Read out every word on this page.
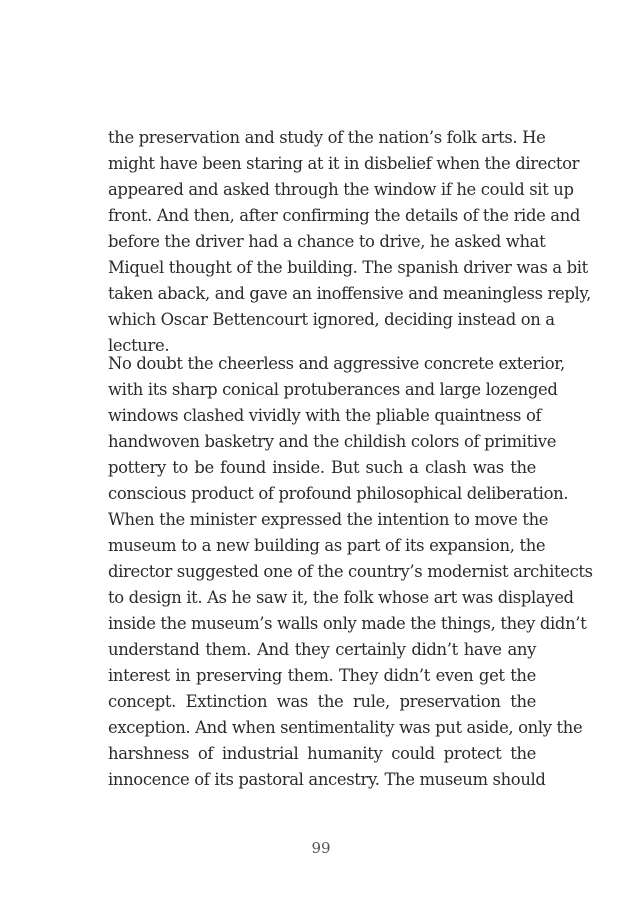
the preservation and study of the nation’s folk arts. He
might have been staring at it in disbelief when the director
appeared and asked through the window if he could sit up
front. And then, after confirming the details of the ride and
before the driver had a chance to drive, he asked what
Miquel thought of the building. The spanish driver was a bit
taken aback, and gave an inoffensive and meaningless reply,
which Oscar Bettencourt ignored, deciding instead on a
lecture.
No doubt the cheerless and aggressive concrete exterior,
with its sharp conical protuberances and large lozenged
windows clashed vividly with the pliable quaintness of
handwoven basketry and the childish colors of primitive
pottery to be found inside. But such a clash was the
conscious product of profound philosophical deliberation.
When the minister expressed the intention to move the
museum to a new building as part of its expansion, the
director suggested one of the country’s modernist architects
to design it. As he saw it, the folk whose art was displayed
inside the museum’s walls only made the things, they didn’t
understand them. And they certainly didn’t have any
interest in preserving them. They didn’t even get the
concept. Extinction was the rule, preservation the
exception. And when sentimentality was put aside, only the
harshness of industrial humanity could protect the
innocence of its pastoral ancestry. The museum should
99
